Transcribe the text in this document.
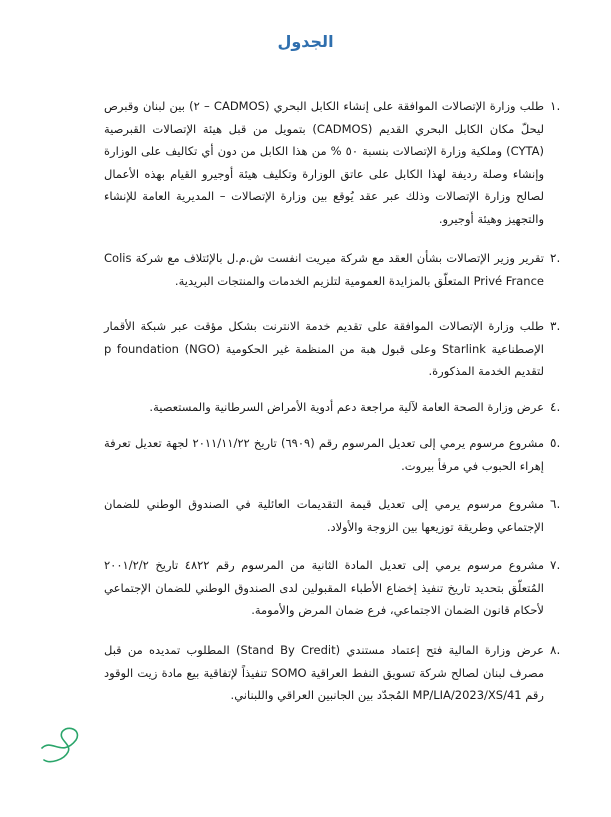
الجدول
.١
طلب وزارة الإتصالات الموافقة على إنشاء الكابل البحري (CADMOS – ٢) بين لبنان وقبرص ليحلّ مكان الكابل البحري القديم (CADMOS) بتمويل من قبل هيئة الإتصالات القبرصية (CYTA) وملكية وزارة الإتصالات بنسبة ٥٠ % من هذا الكابل من دون أي تكاليف على الوزارة وإنشاء وصلة رديفة لهذا الكابل على عاتق الوزارة وتكليف هيئة أوجيرو القيام بهذه الأعمال لصالح وزارة الإتصالات وذلك عبر عقد يُوقع بين وزارة الإتصالات – المديرية العامة للإنشاء والتجهيز وهيئة أوجيرو.
.٢
تقرير وزير الإتصالات بشأن العقد مع شركة ميريت انفست ش.م.ل بالإئتلاف مع شركة Colis Privé France المتعلّق بالمزايدة العمومية لتلزيم الخدمات والمنتجات البريدية.
.٣
طلب وزارة الإتصالات الموافقة على تقديم خدمة الانترنت بشكل مؤقت عبر شبكة الأقمار الإصطناعية Starlink وعلى قبول هبة من المنظمة غير الحكومية (NGO) p foundation لتقديم الخدمة المذكورة.
.٤
عرض وزارة الصحة العامة لآلية مراجعة دعم أدوية الأمراض السرطانية والمستعصية.
.٥
مشروع مرسوم يرمي إلى تعديل المرسوم رقم (٦٩٠٩) تاريخ ٢٠١١/١١/٢٢ لجهة تعديل تعرفة إهراء الحبوب في مرفأ بيروت.
.٦
مشروع مرسوم يرمي إلى تعديل قيمة التقديمات العائلية في الصندوق الوطني للضمان الإجتماعي وطريقة توزيعها بين الزوجة والأولاد.
.٧
مشروع مرسوم يرمي إلى تعديل المادة الثانية من المرسوم رقم ٤٨٢٢ تاريخ ٢٠٠١/٢/٢ المُتعلّق بتحديد تاريخ تنفيذ إخضاع الأطباء المقبولين لدى الصندوق الوطني للضمان الإجتماعي لأحكام قانون الضمان الاجتماعي، فرع ضمان المرض والأمومة.
.٨
عرض وزارة المالية فتح إعتماد مستندي (Stand By Credit) المطلوب تمديده من قبل مصرف لبنان لصالح شركة تسويق النفط العراقية SOMO تنفيذاً لإتفاقية بيع مادة زيت الوقود رقم MP/LIA/2023/XS/41 المُجدّد بين الجانبين العراقي واللبناني.
